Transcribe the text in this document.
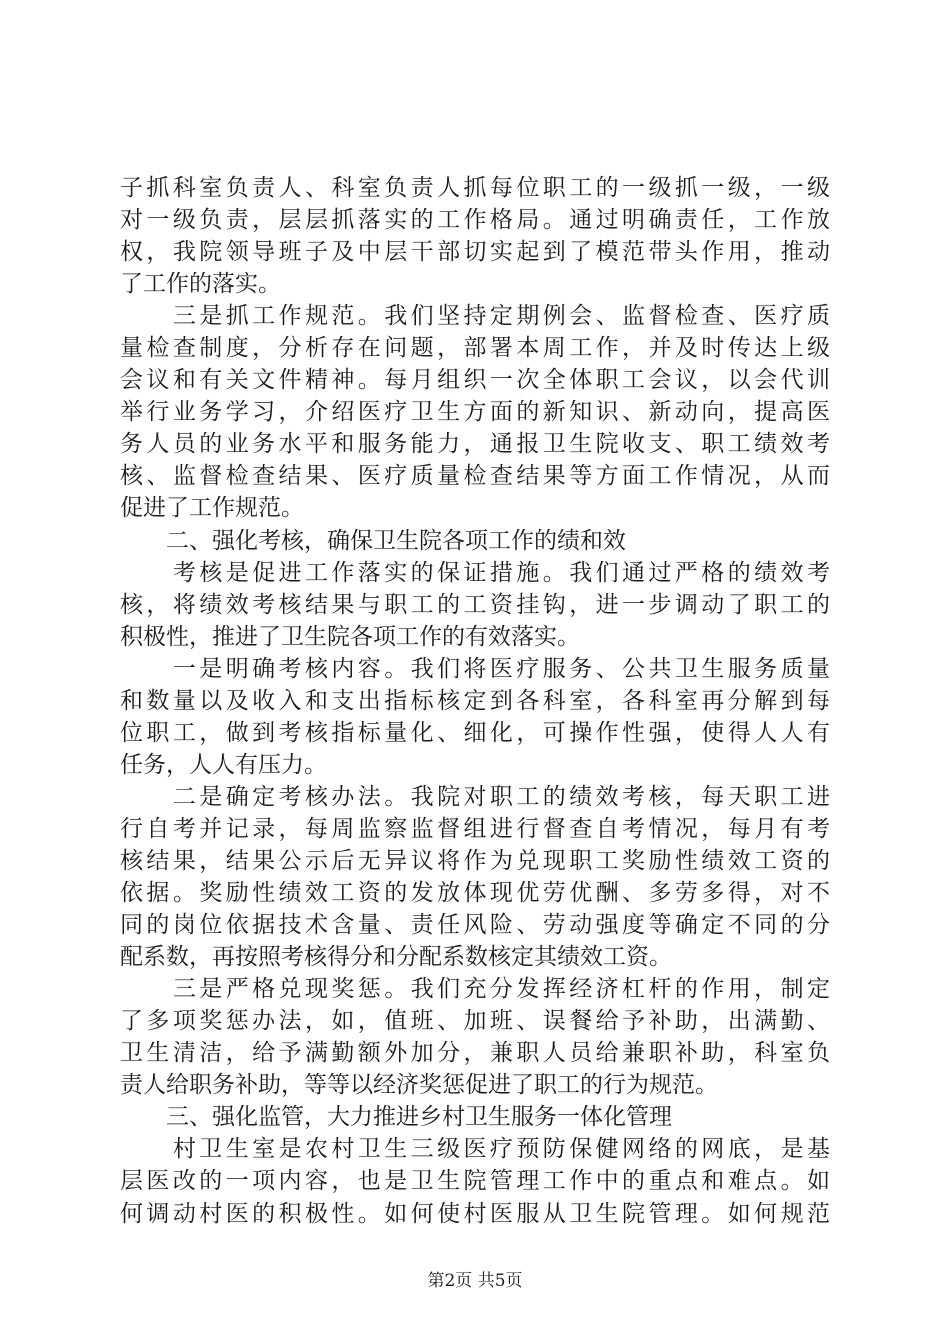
子抓科室负责人、科室负责人抓每位职工的一级抓一级，一级
对一级负责，层层抓落实的工作格局。通过明确责任，工作放
权，我院领导班子及中层干部切实起到了模范带头作用，推动
了工作的落实。
　　三是抓工作规范。我们坚持定期例会、监督检查、医疗质
量检查制度，分析存在问题，部署本周工作，并及时传达上级
会议和有关文件精神。每月组织一次全体职工会议，以会代训
举行业务学习，介绍医疗卫生方面的新知识、新动向，提高医
务人员的业务水平和服务能力，通报卫生院收支、职工绩效考
核、监督检查结果、医疗质量检查结果等方面工作情况，从而
促进了工作规范。
　　二、强化考核，确保卫生院各项工作的绩和效
　　考核是促进工作落实的保证措施。我们通过严格的绩效考
核，将绩效考核结果与职工的工资挂钩，进一步调动了职工的
积极性，推进了卫生院各项工作的有效落实。
　　一是明确考核内容。我们将医疗服务、公共卫生服务质量
和数量以及收入和支出指标核定到各科室，各科室再分解到每
位职工，做到考核指标量化、细化，可操作性强，使得人人有
任务，人人有压力。
　　二是确定考核办法。我院对职工的绩效考核，每天职工进
行自考并记录，每周监察监督组进行督查自考情况，每月有考
核结果，结果公示后无异议将作为兑现职工奖励性绩效工资的
依据。奖励性绩效工资的发放体现优劳优酬、多劳多得，对不
同的岗位依据技术含量、责任风险、劳动强度等确定不同的分
配系数，再按照考核得分和分配系数核定其绩效工资。
　　三是严格兑现奖惩。我们充分发挥经济杠杆的作用，制定
了多项奖惩办法，如，值班、加班、误餐给予补助，出满勤、
卫生清洁，给予满勤额外加分，兼职人员给兼职补助，科室负
责人给职务补助，等等以经济奖惩促进了职工的行为规范。
　　三、强化监管，大力推进乡村卫生服务一体化管理
　　村卫生室是农村卫生三级医疗预防保健网络的网底，是基
层医改的一项内容，也是卫生院管理工作中的重点和难点。如
何调动村医的积极性。如何使村医服从卫生院管理。如何规范
第2页 共5页
